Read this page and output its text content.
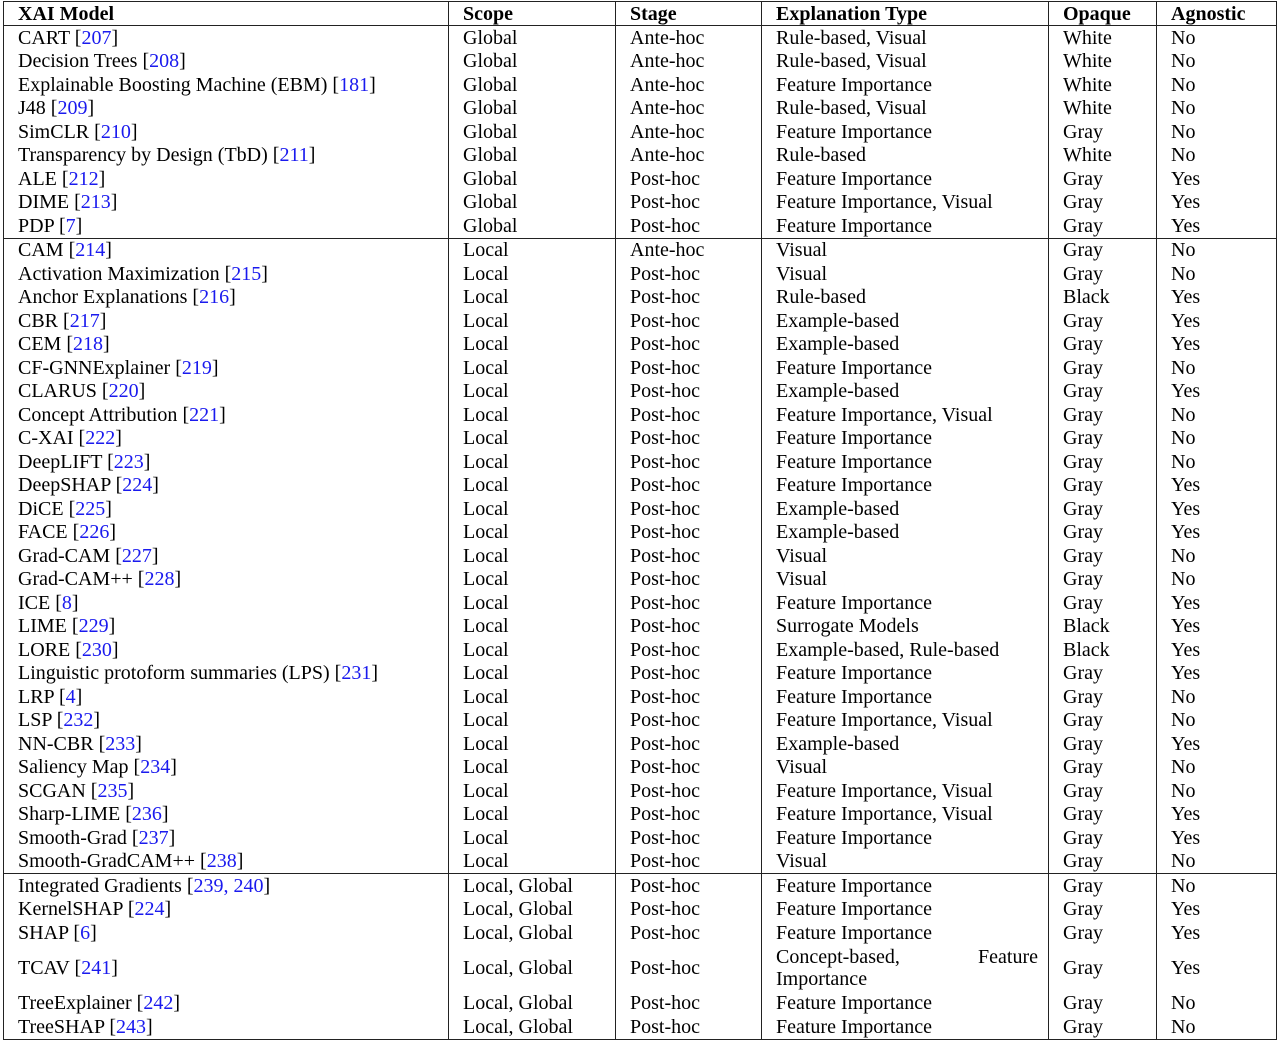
XAI Model	Scope	Stage	Explanation Type	Opaque	Agnostic
CART [207]	Global	Ante-hoc	Rule-based, Visual	White	No
Decision Trees [208]	Global	Ante-hoc	Rule-based, Visual	White	No
Explainable Boosting Machine (EBM) [181]	Global	Ante-hoc	Feature Importance	White	No
J48 [209]	Global	Ante-hoc	Rule-based, Visual	White	No
SimCLR [210]	Global	Ante-hoc	Feature Importance	Gray	No
Transparency by Design (TbD) [211]	Global	Ante-hoc	Rule-based	White	No
ALE [212]	Global	Post-hoc	Feature Importance	Gray	Yes
DIME [213]	Global	Post-hoc	Feature Importance, Visual	Gray	Yes
PDP [7]	Global	Post-hoc	Feature Importance	Gray	Yes
CAM [214]	Local	Ante-hoc	Visual	Gray	No
Activation Maximization [215]	Local	Post-hoc	Visual	Gray	No
Anchor Explanations [216]	Local	Post-hoc	Rule-based	Black	Yes
CBR [217]	Local	Post-hoc	Example-based	Gray	Yes
CEM [218]	Local	Post-hoc	Example-based	Gray	Yes
CF-GNNExplainer [219]	Local	Post-hoc	Feature Importance	Gray	No
CLARUS [220]	Local	Post-hoc	Example-based	Gray	Yes
Concept Attribution [221]	Local	Post-hoc	Feature Importance, Visual	Gray	No
C-XAI [222]	Local	Post-hoc	Feature Importance	Gray	No
DeepLIFT [223]	Local	Post-hoc	Feature Importance	Gray	No
DeepSHAP [224]	Local	Post-hoc	Feature Importance	Gray	Yes
DiCE [225]	Local	Post-hoc	Example-based	Gray	Yes
FACE [226]	Local	Post-hoc	Example-based	Gray	Yes
Grad-CAM [227]	Local	Post-hoc	Visual	Gray	No
Grad-CAM++ [228]	Local	Post-hoc	Visual	Gray	No
ICE [8]	Local	Post-hoc	Feature Importance	Gray	Yes
LIME [229]	Local	Post-hoc	Surrogate Models	Black	Yes
LORE [230]	Local	Post-hoc	Example-based, Rule-based	Black	Yes
Linguistic protoform summaries (LPS) [231]	Local	Post-hoc	Feature Importance	Gray	Yes
LRP [4]	Local	Post-hoc	Feature Importance	Gray	No
LSP [232]	Local	Post-hoc	Feature Importance, Visual	Gray	No
NN-CBR [233]	Local	Post-hoc	Example-based	Gray	Yes
Saliency Map [234]	Local	Post-hoc	Visual	Gray	No
SCGAN [235]	Local	Post-hoc	Feature Importance, Visual	Gray	No
Sharp-LIME [236]	Local	Post-hoc	Feature Importance, Visual	Gray	Yes
Smooth-Grad [237]	Local	Post-hoc	Feature Importance	Gray	Yes
Smooth-GradCAM++ [238]	Local	Post-hoc	Visual	Gray	No
Integrated Gradients [239, 240]	Local, Global	Post-hoc	Feature Importance	Gray	No
KernelSHAP [224]	Local, Global	Post-hoc	Feature Importance	Gray	Yes
SHAP [6]	Local, Global	Post-hoc	Feature Importance	Gray	Yes
TCAV [241]	Local, Global	Post-hoc	Concept-based, Feature Importance	Gray	Yes
TreeExplainer [242]	Local, Global	Post-hoc	Feature Importance	Gray	No
TreeSHAP [243]	Local, Global	Post-hoc	Feature Importance	Gray	No
